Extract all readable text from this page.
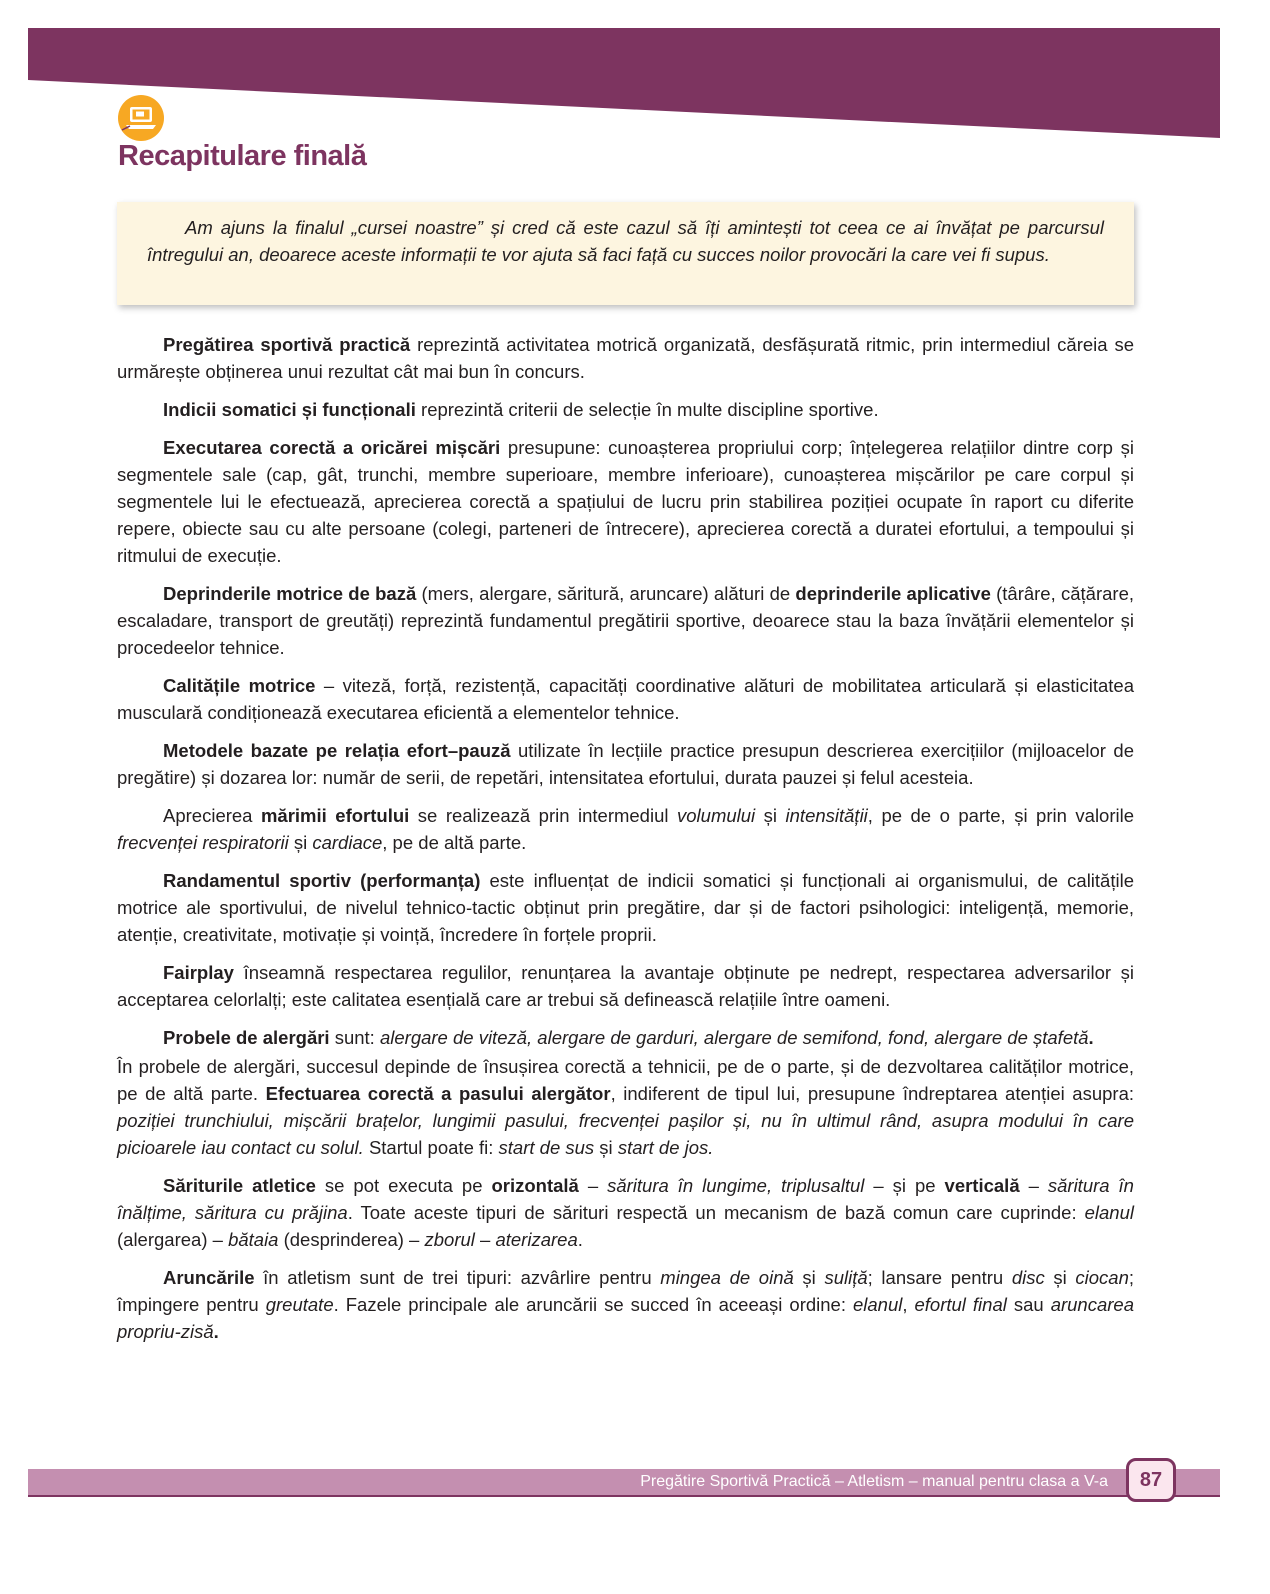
Recapitulare finală

Am ajuns la finalul „cursei noastre” și cred că este cazul să îți amintești tot ceea ce ai învățat pe parcursul întregului an, deoarece aceste informații te vor ajuta să faci față cu succes noilor provocări la care vei fi supus.

Pregătirea sportivă practică reprezintă activitatea motrică organizată, desfășurată ritmic, prin intermediul căreia se urmărește obținerea unui rezultat cât mai bun în concurs.

Indicii somatici și funcționali reprezintă criterii de selecție în multe discipline sportive.

Executarea corectă a oricărei mișcări presupune: cunoașterea propriului corp; înțelegerea relațiilor dintre corp și segmentele sale (cap, gât, trunchi, membre superioare, membre inferioare), cunoașterea mișcărilor pe care corpul și segmentele lui le efectuează, aprecierea corectă a spațiului de lucru prin stabilirea poziției ocupate în raport cu diferite repere, obiecte sau cu alte persoane (colegi, parteneri de întrecere), aprecierea corectă a duratei efortului, a tempoului și ritmului de execuție.

Deprinderile motrice de bază (mers, alergare, săritură, aruncare) alături de deprinderile aplicative (târâre, cățărare, escaladare, transport de greutăți) reprezintă fundamentul pregătirii sportive, deoarece stau la baza învățării elementelor și procedeelor tehnice.

Calitățile motrice – viteză, forță, rezistență, capacități coordinative alături de mobilitatea articulară și elasticitatea musculară condiționează executarea eficientă a elementelor tehnice.

Metodele bazate pe relația efort–pauză utilizate în lecțiile practice presupun descrierea exercițiilor (mijloacelor de pregătire) și dozarea lor: număr de serii, de repetări, intensitatea efortului, durata pauzei și felul acesteia.

Aprecierea mărimii efortului se realizează prin intermediul volumului și intensității, pe de o parte, și prin valorile frecvenței respiratorii și cardiace, pe de altă parte.

Randamentul sportiv (performanța) este influențat de indicii somatici și funcționali ai organismului, de calitățile motrice ale sportivului, de nivelul tehnico-tactic obținut prin pregătire, dar și de factori psihologici: inteligență, memorie, atenție, creativitate, motivație și voință, încredere în forțele proprii.

Fairplay înseamnă respectarea regulilor, renunțarea la avantaje obținute pe nedrept, respectarea adversarilor și acceptarea celorlalți; este calitatea esențială care ar trebui să definească relațiile între oameni.

Probele de alergări sunt: alergare de viteză, alergare de garduri, alergare de semifond, fond, alergare de ștafetă.

În probele de alergări, succesul depinde de însușirea corectă a tehnicii, pe de o parte, și de dezvoltarea calităților motrice, pe de altă parte. Efectuarea corectă a pasului alergător, indiferent de tipul lui, presupune îndreptarea atenției asupra: poziției trunchiului, mișcării brațelor, lungimii pasului, frecvenței pașilor și, nu în ultimul rând, asupra modului în care picioarele iau contact cu solul. Startul poate fi: start de sus și start de jos.

Săriturile atletice se pot executa pe orizontală – săritura în lungime, triplusaltul – și pe verticală – săritura în înălțime, săritura cu prăjina. Toate aceste tipuri de sărituri respectă un mecanism de bază comun care cuprinde: elanul (alergarea) – bătaia (desprinderea) – zborul – aterizarea.

Aruncările în atletism sunt de trei tipuri: azvârlire pentru mingea de oină și suliță; lansare pentru disc și ciocan; împingere pentru greutate. Fazele principale ale aruncării se succed în aceeași ordine: elanul, efortul final sau aruncarea propriu-zisă.

Pregătire Sportivă Practică – Atletism – manual pentru clasa a V-a	87
